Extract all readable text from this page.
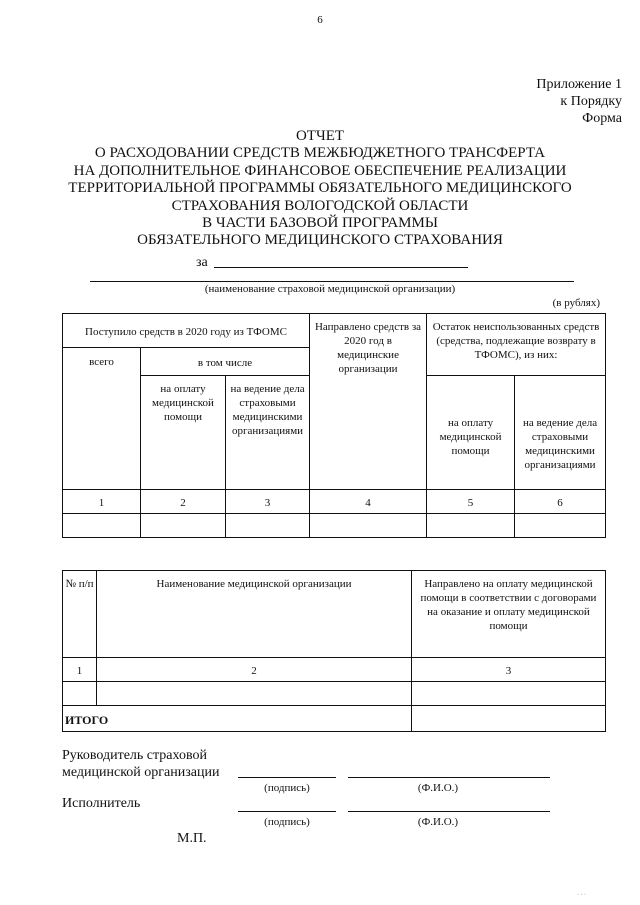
6
Приложение 1
к Порядку
Форма
ОТЧЕТ
О РАСХОДОВАНИИ СРЕДСТВ МЕЖБЮДЖЕТНОГО ТРАНСФЕРТА
НА ДОПОЛНИТЕЛЬНОЕ ФИНАНСОВОЕ ОБЕСПЕЧЕНИЕ РЕАЛИЗАЦИИ
ТЕРРИТОРИАЛЬНОЙ ПРОГРАММЫ ОБЯЗАТЕЛЬНОГО МЕДИЦИНСКОГО
СТРАХОВАНИЯ ВОЛОГОДСКОЙ ОБЛАСТИ
В ЧАСТИ БАЗОВОЙ ПРОГРАММЫ
ОБЯЗАТЕЛЬНОГО МЕДИЦИНСКОГО СТРАХОВАНИЯ
за
(наименование страховой медицинской организации)
(в рублях)
Поступило средств в 2020 году из ТФОМС			Направлено средств за 2020 год в медицинские организации	Остаток неиспользованных средств (средства, подлежащие возврату в ТФОМС), из них:	
всего	в том числе				
	на оплату медицинской помощи	на ведение дела страховыми медицинскими организациями		на оплату медицинской помощи	на ведение дела страховыми медицинскими организациями
1	2	3	4	5	6

№ п/п	Наименование медицинской организации	Направлено на оплату медицинской помощи в соответствии с договорами на оказание и оплату медицинской помощи
1	2	3

ИТОГО		
Руководитель страховой
медицинской организации
(подпись)	(Ф.И.О.)
Исполнитель
(подпись)	(Ф.И.О.)
М.П.
· · ·
